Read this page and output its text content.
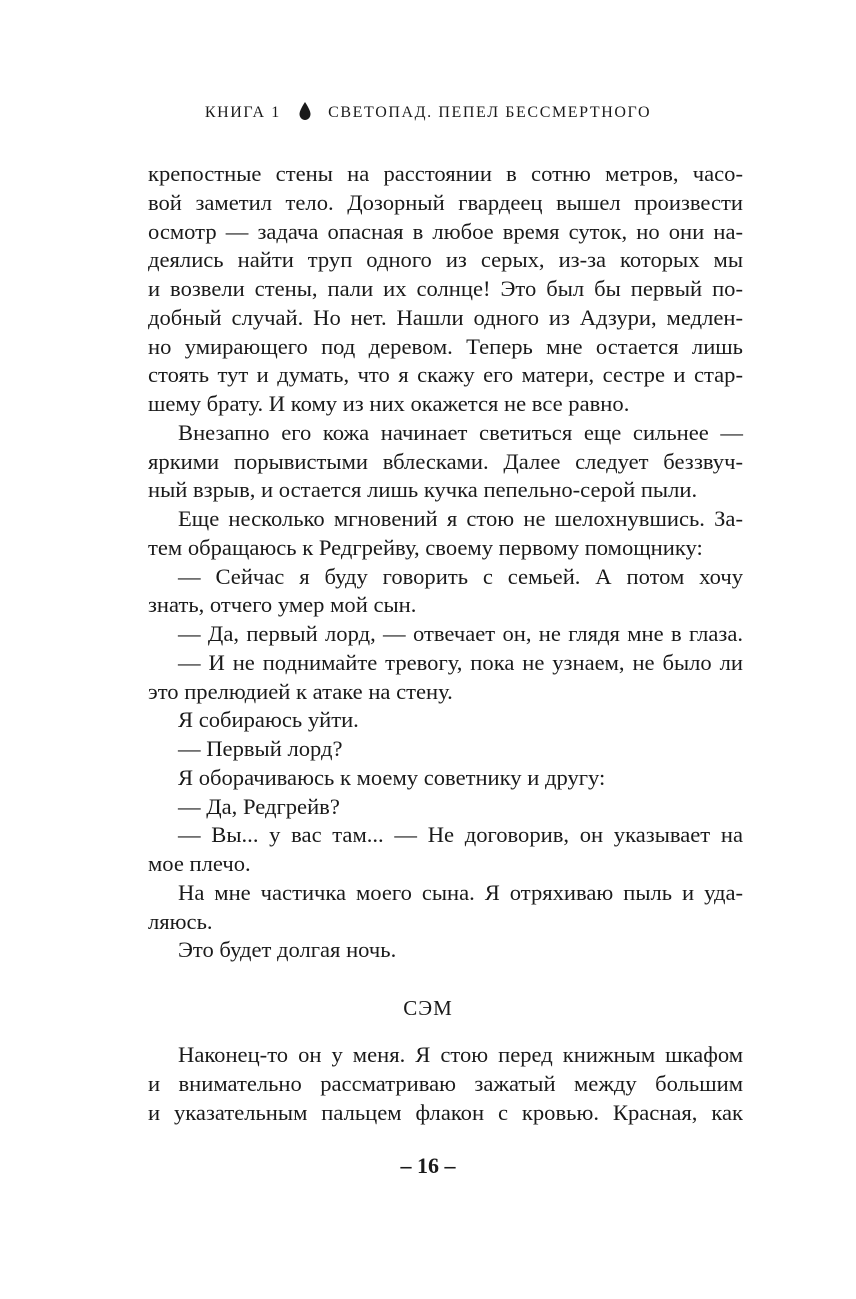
КНИГА 1	СВЕТОПАД. ПЕПЕЛ БЕССМЕРТНОГО
крепостные стены на расстоянии в сотню метров, часо-
вой заметил тело. Дозорный гвардеец вышел произвести
осмотр — задача опасная в любое время суток, но они на-
деялись найти труп одного из серых, из-за которых мы
и возвели стены, пали их солнце! Это был бы первый по-
добный случай. Но нет. Нашли одного из Адзури, медлен-
но умирающего под деревом. Теперь мне остается лишь
стоять тут и думать, что я скажу его матери, сестре и стар-
шему брату. И кому из них окажется не все равно.
Внезапно его кожа начинает светиться еще сильнее —
яркими порывистыми вблесками. Далее следует беззвуч-
ный взрыв, и остается лишь кучка пепельно-серой пыли.
Еще несколько мгновений я стою не шелохнувшись. За-
тем обращаюсь к Редгрейву, своему первому помощнику:
— Сейчас я буду говорить с семьей. А потом хочу
знать, отчего умер мой сын.
— Да, первый лорд, — отвечает он, не глядя мне в глаза.
— И не поднимайте тревогу, пока не узнаем, не было ли
это прелюдией к атаке на стену.
Я собираюсь уйти.
— Первый лорд?
Я оборачиваюсь к моему советнику и другу:
— Да, Редгрейв?
— Вы... у вас там... — Не договорив, он указывает на
мое плечо.
На мне частичка моего сына. Я отряхиваю пыль и уда-
ляюсь.
Это будет долгая ночь.
СЭМ
Наконец-то он у меня. Я стою перед книжным шкафом
и внимательно рассматриваю зажатый между большим
и указательным пальцем флакон с кровью. Красная, как
– 16 –
